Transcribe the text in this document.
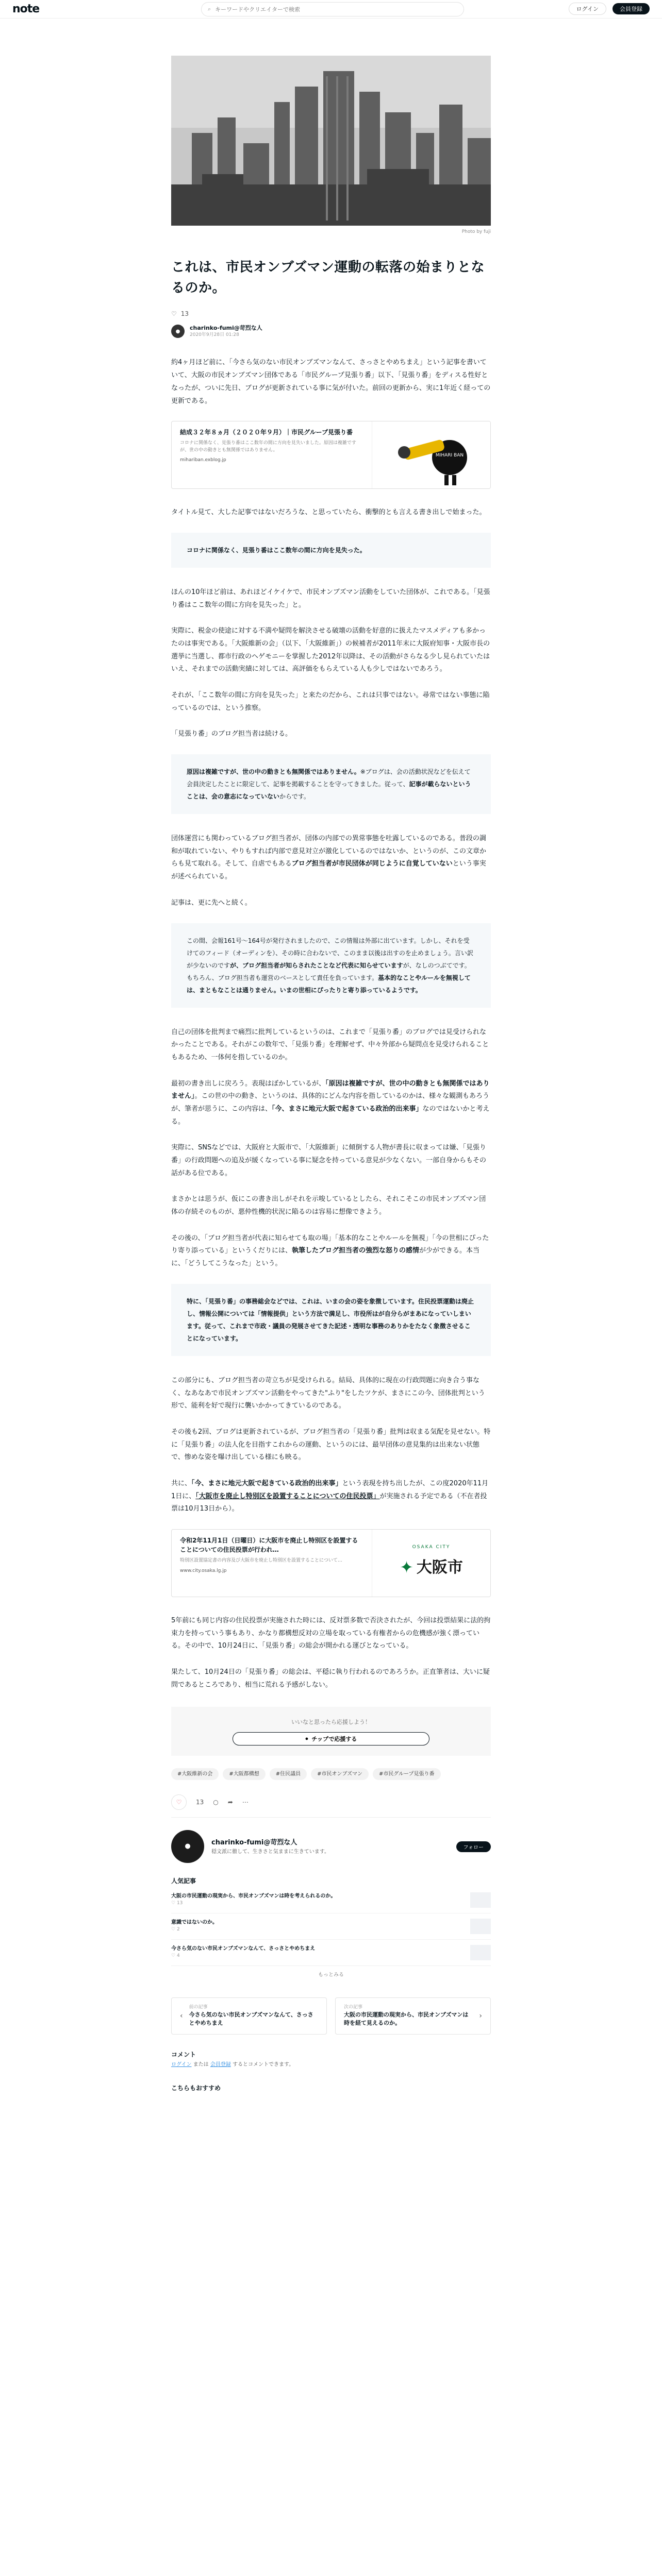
note	⌕
キーワードやクリエイターで検索	ログイン	会員登録
Photo by fuji
これは、市民オンブズマン運動の転落の始まりとなるのか。
♡ 13
●	charinko-fumi@苛烈な人
2020年9月28日 01:28

約4ヶ月ほど前に、「今さら気のない市民オンブズマンなんて、さっさとやめちまえ」という記事を書いていて、大阪の市民オンブズマン団体である「市民グループ見張り番」以下、「見張り番」をディスる性好となったが、ついに先日、ブログが更新されている事に気が付いた。前回の更新から、実に1年近く経っての更新である。

結成３２年８ヵ月（２０２０年９月）｜市民グループ見張り番
コロナに関係なく、見張り番はここ数年の間に方向を見失いました。原因は複雑ですが、世の中の動きとも無関係ではありません。
mihariban.exblog.jp
MIHARI BAN

タイトル見て、大した記事ではないだろうな、と思っていたら、衝撃的とも言える書き出しで始まった。

コロナに関係なく、見張り番はここ数年の間に方向を見失った。

ほんの10年ほど前は、あれほどイケイケで、市民オンブズマン活動をしていた団体が、これである。「見張り番はここ数年の間に方向を見失った」と。

実際に、税金の使途に対する不満や疑問を解決させる破壊の活動を好意的に扱えたマスメディアも多かったのは事実である。「大阪維新の会」（以下、「大阪維新」）の候補者が2011年末に大阪府知事・大阪市長の選挙に当選し、都市行政のヘゲモニーを掌握した2012年以降は、その活動がさらなる少し見られていたはいえ、それまでの活動実績に対しては、高評価をもらえている人も少しではないであろう。

それが、「ここ数年の間に方向を見失った」と来たのだから、これは只事ではない。尋常ではない事態に陥っているのでは、という推察。

「見張り番」のブログ担当者は続ける。

原因は複雑ですが、世の中の動きとも無関係ではありません。※ブログは、会の活動状況などを伝えて会員決定したことに限定して、記事を掲載することを守ってきました。従って、記事が載らないということは、会の意志になっていないからです。

団体運営にも関わっているブログ担当者が、団体の内部での異常事態を吐露しているのである。普段の調和が取れていない、やりもすれば内部で意見対立が激化しているのではないか、というのが、この文章からも見て取れる。そして、自虐でもあるブログ担当者が市民団体が同じように自覚していないという事実が述べられている。

記事は、更に先へと続く。

この間、会報161号〜164号が発行されましたので、この情報は外部に出ています。しかし、それを受けてのフィード（オーディンを）、その時に合わないで、このまま以後は出すのを止めましょう。言い訳が少ないのですが、ブログ担当者が知らされたことなど代表に知らせていますが、なしのつぶてです。もちろん、ブログ担当者も運営のベースとして責任を負っています。基本的なことやルールを無視しては、まともなことは通りません。いまの世相にぴったりと寄り添っているようです。

自己の団体を批判まで痛烈に批判しているというのは、これまで「見張り番」のブログでは見受けられなかったことである。それがこの数年で、「見張り番」を理解せず、中々外部から疑問点を見受けられることもあるため、一体何を指しているのか。

最初の書き出しに戻ろう。表現はぼかしているが、「原因は複雑ですが、世の中の動きとも無関係ではありません」。この世の中の動き、というのは、具体的にどんな内容を指しているのかは、様々な観測もあろうが、筆者が思うに、この内容は、「今、まさに地元大阪で起きている政治的出来事」なのではないかと考える。

実際に、SNSなどでは、大阪府と大阪市で、「大阪維新」に傾倒する人物が書長に収まっては嫌、「見張り番」の行政問題への追及が緩くなっている事に疑念を持っている意見が少なくない。一部自身からもその話がある位である。

まさかとは思うが、仮にこの書き出しがそれを示唆しているとしたら、それこそこの市民オンブズマン団体の存続そのものが、悪仲性機的状況に陥るのは容易に想像できよう。

その後の、「ブログ担当者が代表に知らせても取の場」「基本的なことやルールを無視」「今の世相にぴったり寄り添っている」というくだりには、執筆したブログ担当者の強烈な怒りの感情が少ができる。本当に、「どうしてこうなった」という。

特に、「見張り番」の事務総会などでは、これは、いまの会の姿を象徴しています。住民投票運動は廃止し、情報公開については「情報提供」という方法で満足し、市役所はが自分らがまあになっていしまいます。従って、これまで市政・議員の発展させてきた記述・透明な事務のありかをたなく象徴させることになっています。

この部分にも、ブログ担当者の苛立ちが見受けられる。結局、具体的に現在の行政問題に向き合う事なく、なあなあで市民オンブズマン活動をやってきた"ふり"をしたツケが、まさにこの今、団体批判という形で、能利を好で現行に襲いかかってきているのである。

その後も2回、ブログは更新されているが、ブログ担当者の「見張り番」批判は収まる気配を見せない。特に「見張り番」の法人化を目指すこれからの運動、というのには、最早団体の意見集約は出来ない状態で、惨めな姿を曝け出している様にも映る。

共に、「今、まさに地元大阪で起きている政治的出来事」という表現を持ち出したが、この度2020年11月1日に、「大阪市を廃止し特別区を設置することについての住民投票」が実施される予定である（不在者投票は10月13日から）。

令和2年11月1日（日曜日）に大阪市を廃止し特別区を設置することについての住民投票が行われ…
特別区設置協定書の内容及び大阪市を廃止し特別区を設置することについて…
www.city.osaka.lg.jp
OSAKA CITY
✦ 大阪市

5年前にも同じ内容の住民投票が実施された時には、反対票多数で否決されたが、今回は投票結果に法的拘束力を持っていう事もあり、かなり都構想反対の立場を取っている有権者からの危機感が強く漂っている。その中で、10月24日に、「見張り番」の総会が開かれる運びとなっている。

果たして、10月24日の「見張り番」の総会は、平穏に執り行われるのであろうか。正直筆者は、大いに疑問であるところであり、相当に荒れる予感がしない。

いいなと思ったら応援しよう！
● チップで応援する
#大阪維新の会	#大阪都構想	#住民議員	#市民オンブズマン	#市民グループ見張り番
♡ 13 ○ ➦ ⋯
●	charinko-fumi@苛烈な人
穏文派に徹して、生きさと気ままに生きています。
フォロー
人気記事
大阪の市民運動の現実から、市民オンブズマンは時を考えられるのか。
♡ 13
意識ではないのか。
♡ 2
今さら気のない市民オンブズマンなんて、さっさとやめちまえ
♡ 4
もっとみる
‹
前の記事
今さら気のない市民オンブズマンなんて、さっさとやめちまえ
次の記事
大阪の市民運動の現実から、市民オンブズマンは時を経て見えるのか。
›
コメント
ログイン または 会員登録 するとコメントできます。
こちらもおすすめ
